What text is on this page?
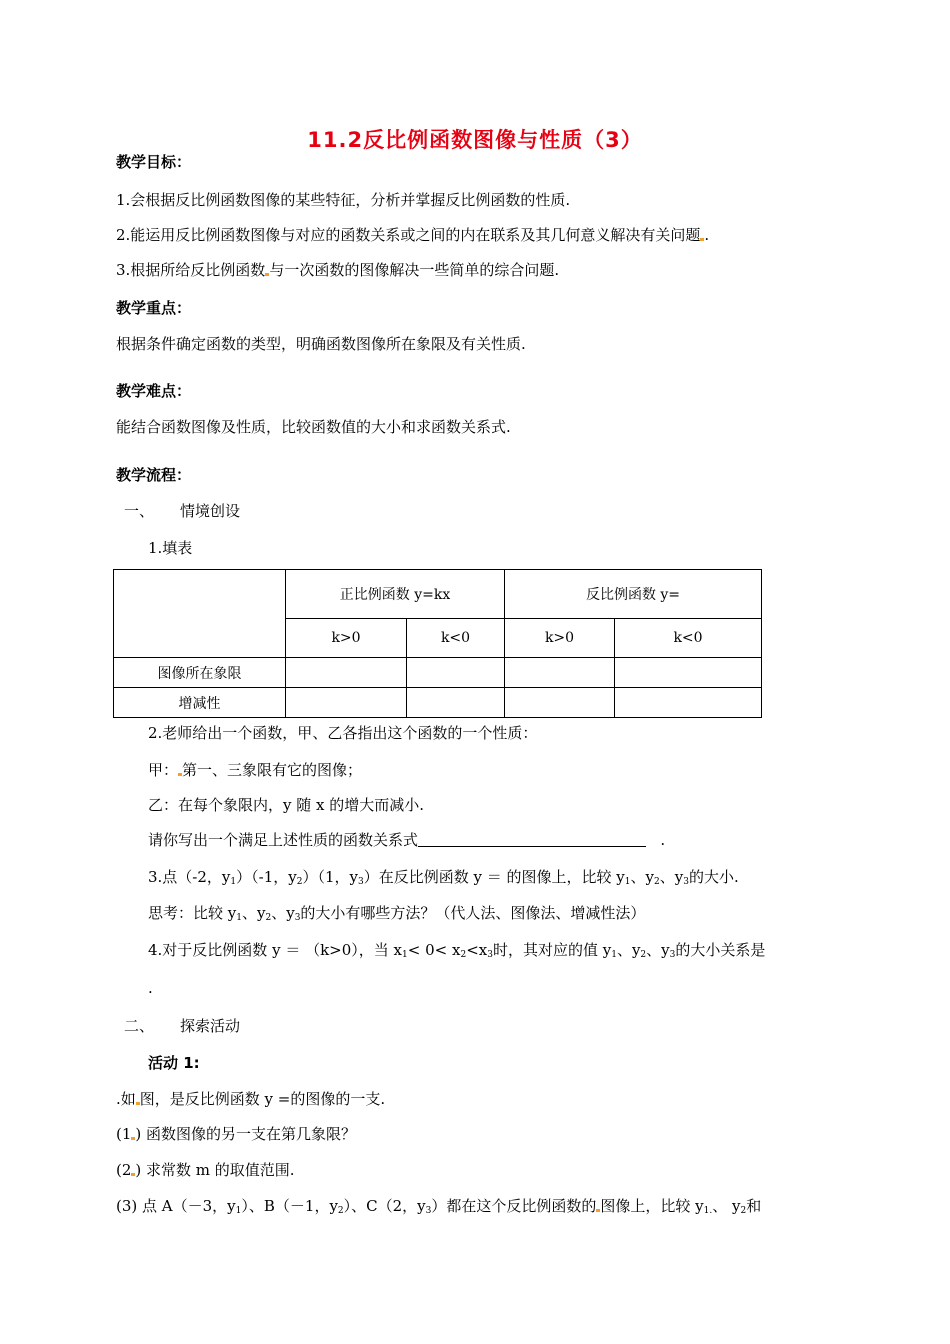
11.2反比例函数图像与性质（3）
教学目标：
1.会根据反比例函数图像的某些特征，分析并掌握反比例函数的性质.
2.能运用反比例函数图像与对应的函数关系或之间的内在联系及其几何意义解决有关问题 .
3.根据所给反比例函数 与一次函数的图像解决一些简单的综合问题.
教学重点：
根据条件确定函数的类型，明确函数图像所在象限及有关性质.
教学难点：
能结合函数图像及性质，比较函数值的大小和求函数关系式.
教学流程：
一、 情境创设
1.填表
	正比例函数 y=kx		反比例函数 y=	
	k>0	k<0	k>0	k<0
图像所在象限				
增减性				
2.老师给出一个函数，甲、乙各指出这个函数的一个性质：
甲： 第一、三象限有它的图像；
乙：在每个象限内，y 随 x 的增大而减小.
请你写出一个满足上述性质的函数关系式	.
3.点（-2，$y_1)(-1$，$y_2)(1$，$y_3$）在反比例函数 y ＝ 的图像上，比较 $y_1$、$y_2$、$y_3$的大小.
思考：比较 $y_1$、$y_2$、$y_3$的大小有哪些方法？（代人法、图像法、增减性法）
4.对于反比例函数 y ＝ （k>0），当 $x_1< 0< x_2<x_3$时，其对应的值 $y_1$、$y_2$、$y_3$的大小关系是
.
二、 探索活动
活动 1:
.如 图，是反比例函数 y =的图像的一支.
(1 ) 函数图像的另一支在第几象限？
(2 ) 求常数 m 的取值范围.
(3) 点 A（－3，$y_1$）、B（－1，$y_2$）、C（2，$y_3$）都在这个反比例函数的 图像上，比较 $y_{1.}$、 $y_2$和
